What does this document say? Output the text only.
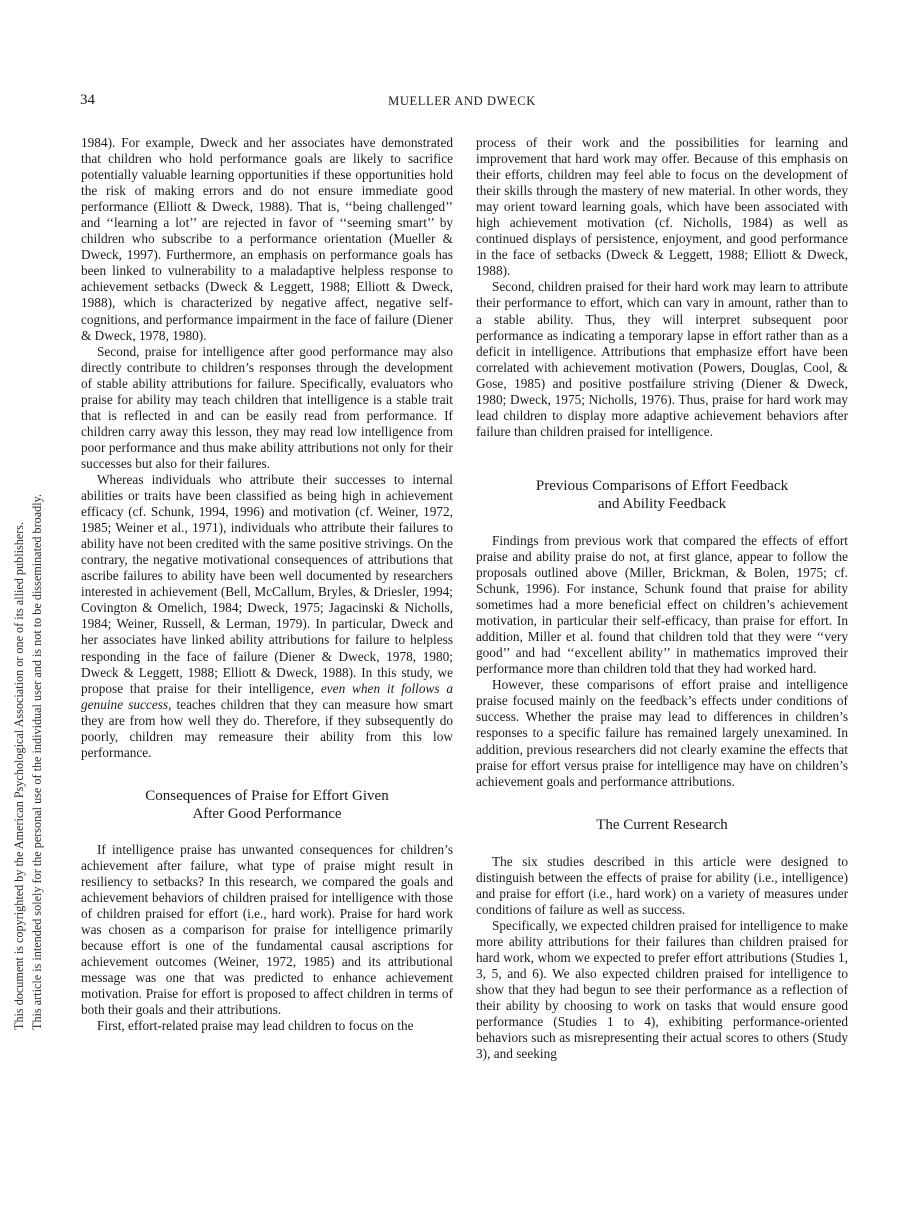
34	MUELLER AND DWECK
This document is copyrighted by the American Psychological Association or one of its allied publishers. This article is intended solely for the personal use of the individual user and is not to be disseminated broadly.

1984). For example, Dweck and her associates have demonstrated that children who hold performance goals are likely to sacrifice potentially valuable learning opportunities if these opportunities hold the risk of making errors and do not ensure immediate good performance (Elliott & Dweck, 1988). That is, ‘‘being challenged’’ and ‘‘learning a lot’’ are rejected in favor of ‘‘seeming smart’’ by children who subscribe to a performance orientation (Mueller & Dweck, 1997). Furthermore, an emphasis on performance goals has been linked to vulnerability to a maladaptive helpless response to achievement setbacks (Dweck & Leggett, 1988; Elliott & Dweck, 1988), which is characterized by negative affect, negative self-cognitions, and performance impairment in the face of failure (Diener & Dweck, 1978, 1980).

Second, praise for intelligence after good performance may also directly contribute to children’s responses through the development of stable ability attributions for failure. Specifically, evaluators who praise for ability may teach children that intelligence is a stable trait that is reflected in and can be easily read from performance. If children carry away this lesson, they may read low intelligence from poor performance and thus make ability attributions not only for their successes but also for their failures.

Whereas individuals who attribute their successes to internal abilities or traits have been classified as being high in achievement efficacy (cf. Schunk, 1994, 1996) and motivation (cf. Weiner, 1972, 1985; Weiner et al., 1971), individuals who attribute their failures to ability have not been credited with the same positive strivings. On the contrary, the negative motivational consequences of attributions that ascribe failures to ability have been well documented by researchers interested in achievement (Bell, McCallum, Bryles, & Driesler, 1994; Covington & Omelich, 1984; Dweck, 1975; Jagacinski & Nicholls, 1984; Weiner, Russell, & Lerman, 1979). In particular, Dweck and her associates have linked ability attributions for failure to helpless responding in the face of failure (Diener & Dweck, 1978, 1980; Dweck & Leggett, 1988; Elliott & Dweck, 1988). In this study, we propose that praise for their intelligence, even when it follows a genuine success, teaches children that they can measure how smart they are from how well they do. Therefore, if they subsequently do poorly, children may remeasure their ability from this low performance.

Consequences of Praise for Effort Given
After Good Performance

If intelligence praise has unwanted consequences for children’s achievement after failure, what type of praise might result in resiliency to setbacks? In this research, we compared the goals and achievement behaviors of children praised for intelligence with those of children praised for effort (i.e., hard work). Praise for hard work was chosen as a comparison for praise for intelligence primarily because effort is one of the fundamental causal ascriptions for achievement outcomes (Weiner, 1972, 1985) and its attributional message was one that was predicted to enhance achievement motivation. Praise for effort is proposed to affect children in terms of both their goals and their attributions.

First, effort-related praise may lead children to focus on the

process of their work and the possibilities for learning and improvement that hard work may offer. Because of this emphasis on their efforts, children may feel able to focus on the development of their skills through the mastery of new material. In other words, they may orient toward learning goals, which have been associated with high achievement motivation (cf. Nicholls, 1984) as well as continued displays of persistence, enjoyment, and good performance in the face of setbacks (Dweck & Leggett, 1988; Elliott & Dweck, 1988).

Second, children praised for their hard work may learn to attribute their performance to effort, which can vary in amount, rather than to a stable ability. Thus, they will interpret subsequent poor performance as indicating a temporary lapse in effort rather than as a deficit in intelligence. Attributions that emphasize effort have been correlated with achievement motivation (Powers, Douglas, Cool, & Gose, 1985) and positive postfailure striving (Diener & Dweck, 1980; Dweck, 1975; Nicholls, 1976). Thus, praise for hard work may lead children to display more adaptive achievement behaviors after failure than children praised for intelligence.

Previous Comparisons of Effort Feedback
and Ability Feedback

Findings from previous work that compared the effects of effort praise and ability praise do not, at first glance, appear to follow the proposals outlined above (Miller, Brickman, & Bolen, 1975; cf. Schunk, 1996). For instance, Schunk found that praise for ability sometimes had a more beneficial effect on children’s achievement motivation, in particular their self-efficacy, than praise for effort. In addition, Miller et al. found that children told that they were ‘‘very good’’ and had ‘‘excellent ability’’ in mathematics improved their performance more than children told that they had worked hard.

However, these comparisons of effort praise and intelligence praise focused mainly on the feedback’s effects under conditions of success. Whether the praise may lead to differences in children’s responses to a specific failure has remained largely unexamined. In addition, previous researchers did not clearly examine the effects that praise for effort versus praise for intelligence may have on children’s achievement goals and performance attributions.

The Current Research

The six studies described in this article were designed to distinguish between the effects of praise for ability (i.e., intelligence) and praise for effort (i.e., hard work) on a variety of measures under conditions of failure as well as success.

Specifically, we expected children praised for intelligence to make more ability attributions for their failures than children praised for hard work, whom we expected to prefer effort attributions (Studies 1, 3, 5, and 6). We also expected children praised for intelligence to show that they had begun to see their performance as a reflection of their ability by choosing to work on tasks that would ensure good performance (Studies 1 to 4), exhibiting performance-oriented behaviors such as misrepresenting their actual scores to others (Study 3), and seeking
